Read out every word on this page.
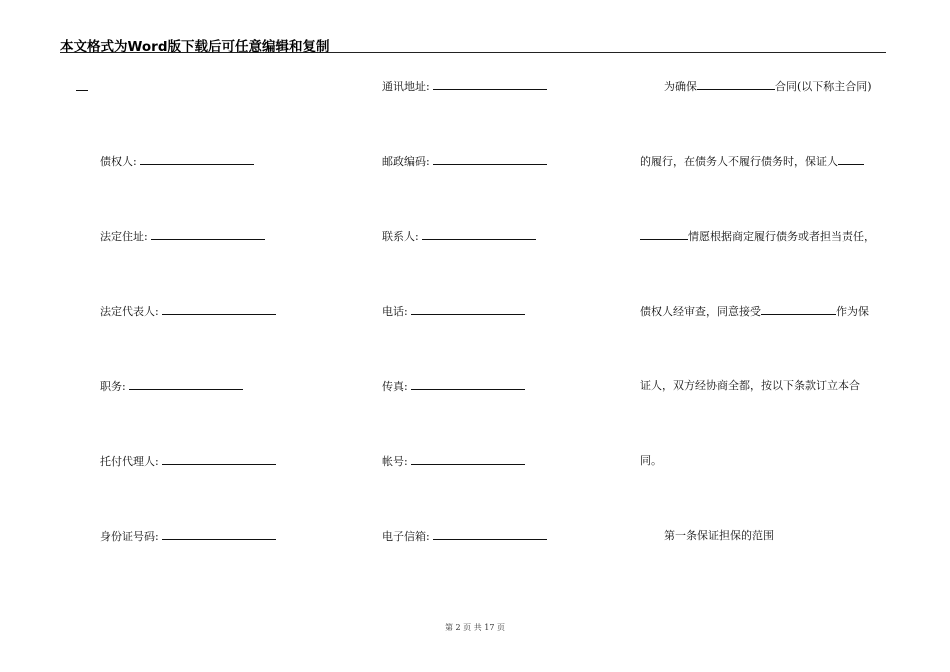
本文格式为Word版下载后可任意编辑和复制
债权人:
法定住址:
法定代表人:
职务:
托付代理人:
身份证号码:
通讯地址:
邮政编码:
联系人:
电话:
传真:
帐号:
电子信箱:
为确保	合同(以下称主合同)
的履行，在债务人不履行债务时，保证人
情愿根据商定履行债务或者担当责任，
债权人经审查，同意接受	作为保
证人，双方经协商全都，按以下条款订立本合
同。
第一条保证担保的范围
第 2 页 共 17 页
